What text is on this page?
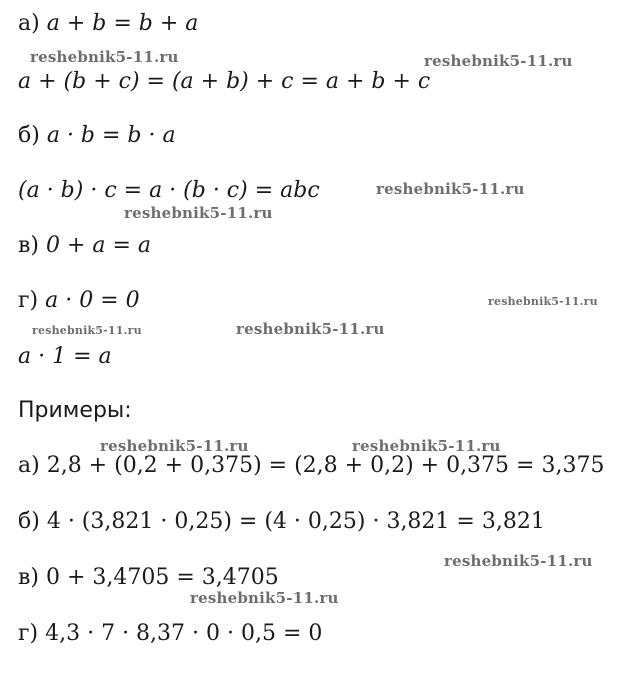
а) a + b = b + a
a + (b + c) = (a + b) + c = a + b + c
б) a · b = b · a
(a · b) · c = a · (b · c) = abc
в) 0 + a = a
г) a · 0 = 0
a · 1 = a
Примеры:
а) 2,8 + (0,2 + 0,375) = (2,8 + 0,2) + 0,375 = 3,375
б) 4 · (3,821 · 0,25) = (4 · 0,25) · 3,821 = 3,821
в) 0 + 3,4705 = 3,4705
г) 4,3 · 7 · 8,37 · 0 · 0,5 = 0
reshebnik5-11.ru	reshebnik5-11.ru
reshebnik5-11.ru
reshebnik5-11.ru
reshebnik5-11.ru
reshebnik5-11.ru	reshebnik5-11.ru
reshebnik5-11.ru	reshebnik5-11.ru
reshebnik5-11.ru
reshebnik5-11.ru
